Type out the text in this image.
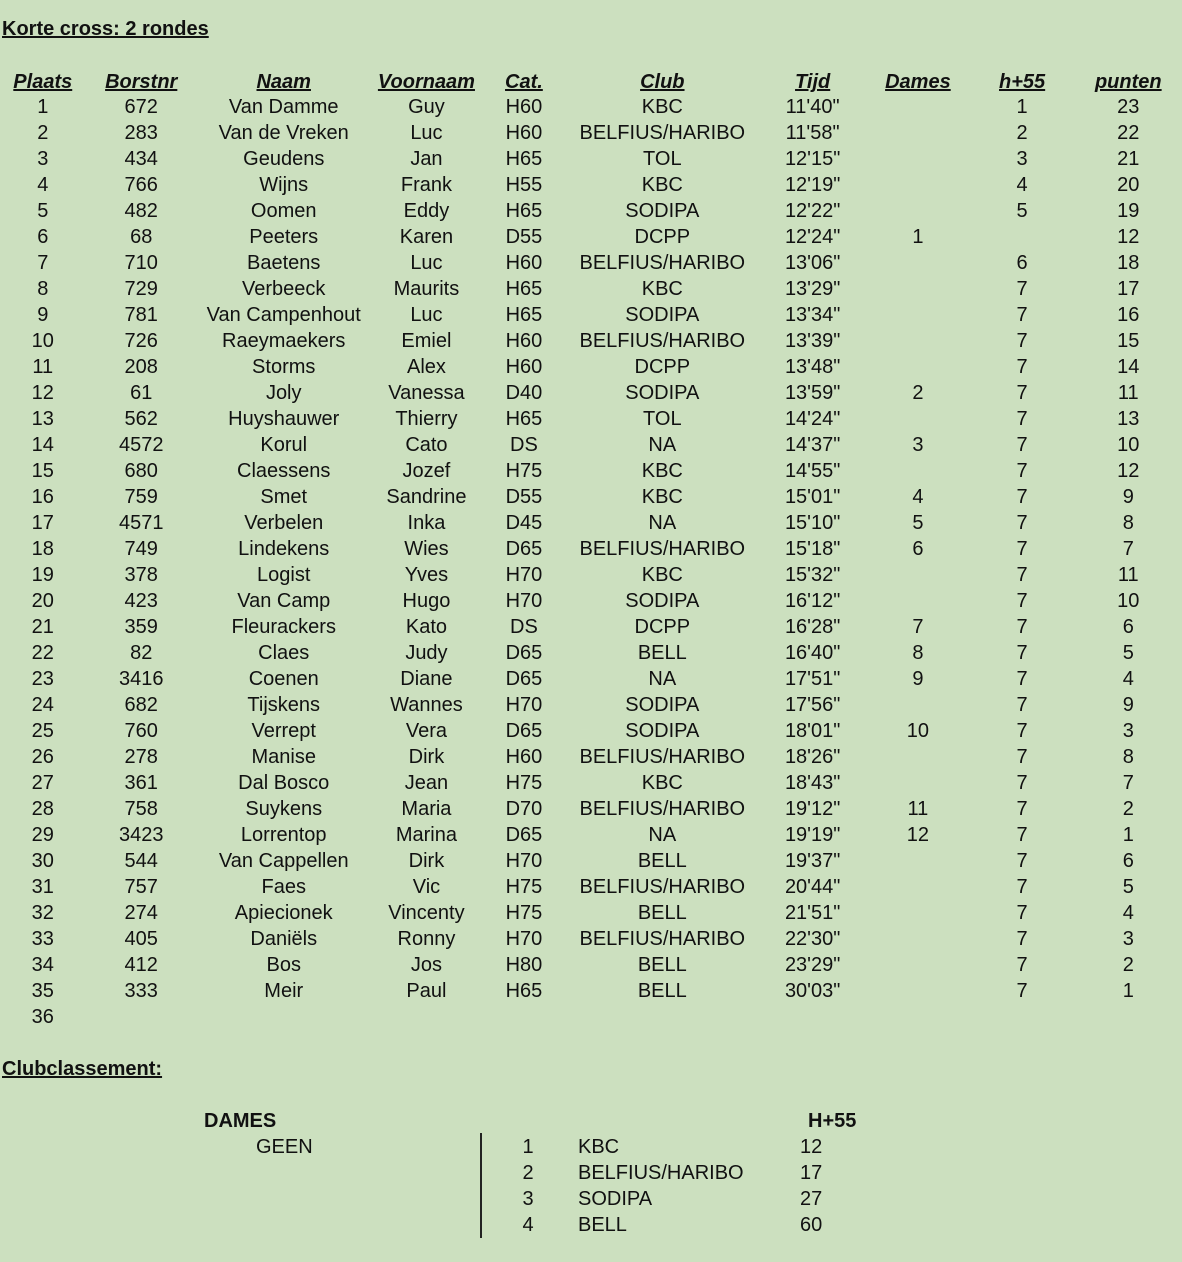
Korte cross: 2 rondes
Plaats	Borstnr	Naam	Voornaam	Cat.	Club	Tijd	Dames	h+55	punten
1	672	Van Damme	Guy	H60	KBC	11'40"		1	23
2	283	Van de Vreken	Luc	H60	BELFIUS/HARIBO	11'58"		2	22
3	434	Geudens	Jan	H65	TOL	12'15"		3	21
4	766	Wijns	Frank	H55	KBC	12'19"		4	20
5	482	Oomen	Eddy	H65	SODIPA	12'22"		5	19
6	68	Peeters	Karen	D55	DCPP	12'24"	1		12
7	710	Baetens	Luc	H60	BELFIUS/HARIBO	13'06"		6	18
8	729	Verbeeck	Maurits	H65	KBC	13'29"		7	17
9	781	Van Campenhout	Luc	H65	SODIPA	13'34"		7	16
10	726	Raeymaekers	Emiel	H60	BELFIUS/HARIBO	13'39"		7	15
11	208	Storms	Alex	H60	DCPP	13'48"		7	14
12	61	Joly	Vanessa	D40	SODIPA	13'59"	2	7	11
13	562	Huyshauwer	Thierry	H65	TOL	14'24"		7	13
14	4572	Korul	Cato	DS	NA	14'37"	3	7	10
15	680	Claessens	Jozef	H75	KBC	14'55"		7	12
16	759	Smet	Sandrine	D55	KBC	15'01"	4	7	9
17	4571	Verbelen	Inka	D45	NA	15'10"	5	7	8
18	749	Lindekens	Wies	D65	BELFIUS/HARIBO	15'18"	6	7	7
19	378	Logist	Yves	H70	KBC	15'32"		7	11
20	423	Van Camp	Hugo	H70	SODIPA	16'12"		7	10
21	359	Fleurackers	Kato	DS	DCPP	16'28"	7	7	6
22	82	Claes	Judy	D65	BELL	16'40"	8	7	5
23	3416	Coenen	Diane	D65	NA	17'51"	9	7	4
24	682	Tijskens	Wannes	H70	SODIPA	17'56"		7	9
25	760	Verrept	Vera	D65	SODIPA	18'01"	10	7	3
26	278	Manise	Dirk	H60	BELFIUS/HARIBO	18'26"		7	8
27	361	Dal Bosco	Jean	H75	KBC	18'43"		7	7
28	758	Suykens	Maria	D70	BELFIUS/HARIBO	19'12"	11	7	2
29	3423	Lorrentop	Marina	D65	NA	19'19"	12	7	1
30	544	Van Cappellen	Dirk	H70	BELL	19'37"		7	6
31	757	Faes	Vic	H75	BELFIUS/HARIBO	20'44"		7	5
32	274	Apiecionek	Vincenty	H75	BELL	21'51"		7	4
33	405	Daniëls	Ronny	H70	BELFIUS/HARIBO	22'30"		7	3
34	412	Bos	Jos	H80	BELL	23'29"		7	2
35	333	Meir	Paul	H65	BELL	30'03"		7	1
36									
Clubclassement:
DAMES
GEEN
H+55
1 KBC	12
2 BELFIUS/HARIBO	17
3 SODIPA	27
4 BELL	60
